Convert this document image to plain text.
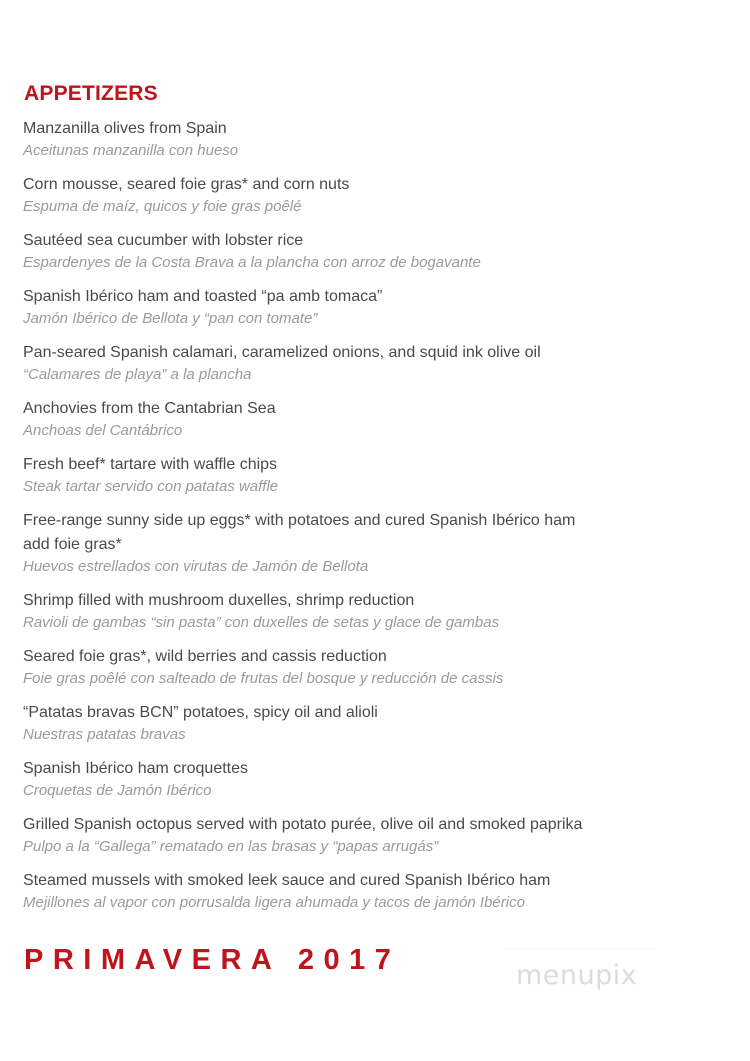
APPETIZERS
Manzanilla olives from Spain
Aceitunas manzanilla con hueso
Corn mousse, seared foie gras* and corn nuts
Espuma de maíz, quicos y foie gras poêlé
Sautéed sea cucumber with lobster rice
Espardenyes de la Costa Brava a la plancha con arroz de bogavante
Spanish Ibérico ham and toasted “pa amb tomaca”
Jamón Ibérico de Bellota y “pan con tomate”
Pan-seared Spanish calamari, caramelized onions, and squid ink olive oil
“Calamares de playa” a la plancha
Anchovies from the Cantabrian Sea
Anchoas del Cantábrico
Fresh beef* tartare with waffle chips
Steak tartar servido con patatas waffle
Free-range sunny side up eggs* with potatoes and cured Spanish Ibérico ham
add foie gras*
Huevos estrellados con virutas de Jamón de Bellota
Shrimp filled with mushroom duxelles, shrimp reduction
Ravioli de gambas “sin pasta” con duxelles de setas y glace de gambas
Seared foie gras*, wild berries and cassis reduction
Foie gras poêlé con salteado de frutas del bosque y reducción de cassis
“Patatas bravas BCN” potatoes, spicy oil and alioli
Nuestras patatas bravas
Spanish Ibérico ham croquettes
Croquetas de Jamón Ibérico
Grilled Spanish octopus served with potato purée, olive oil and smoked paprika
Pulpo a la “Gallega” rematado en las brasas y “papas arrugás”
Steamed mussels with smoked leek sauce and cured Spanish Ibérico ham
Mejillones al vapor con porrusalda ligera ahumada y tacos de jamón Ibérico
PRIMAVERA 2017	menupix
